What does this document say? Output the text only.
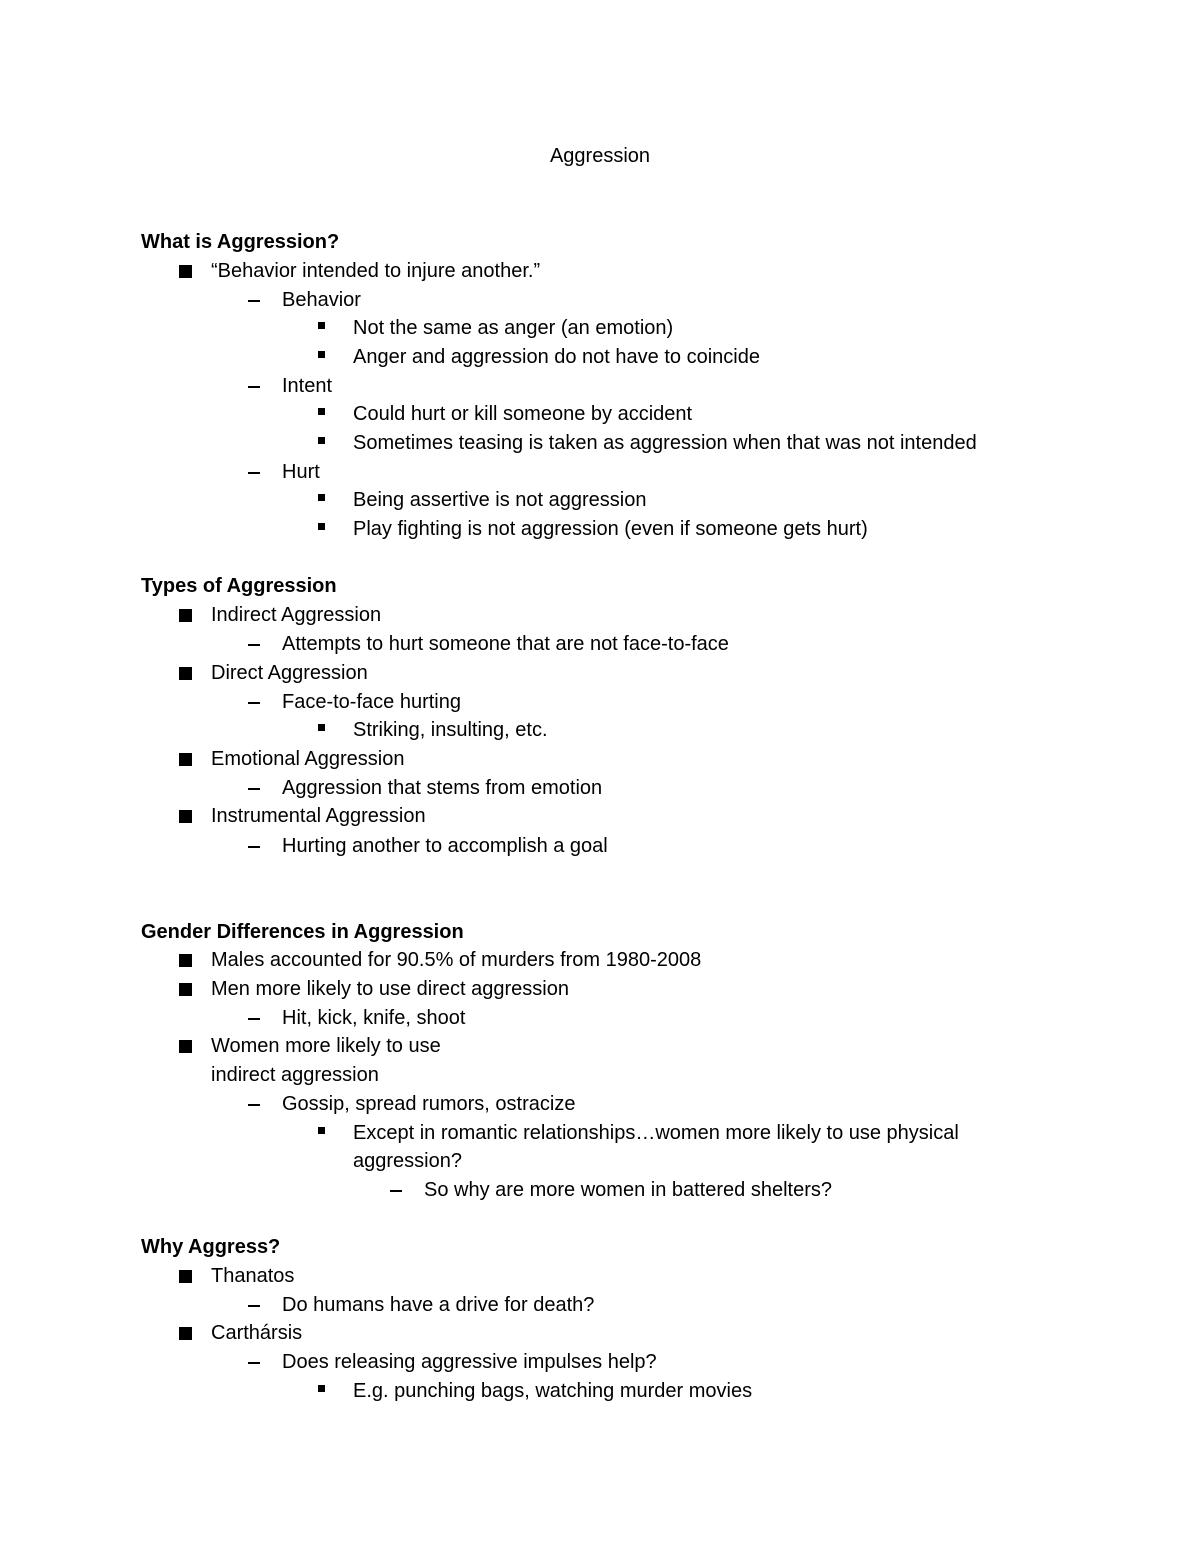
Aggression
What is Aggression?
“Behavior intended to injure another.”
Behavior
Not the same as anger (an emotion)
Anger and aggression do not have to coincide
Intent
Could hurt or kill someone by accident
Sometimes teasing is taken as aggression when that was not intended
Hurt
Being assertive is not aggression
Play fighting is not aggression (even if someone gets hurt)
Types of Aggression
Indirect Aggression
Attempts to hurt someone that are not face-to-face
Direct Aggression
Face-to-face hurting
Striking, insulting, etc.
Emotional Aggression
Aggression that stems from emotion
Instrumental Aggression
Hurting another to accomplish a goal
Gender Differences in Aggression
Males accounted for 90.5% of murders from 1980-2008
Men more likely to use direct aggression
Hit, kick, knife, shoot
Women more likely to use
indirect aggression
Gossip, spread rumors, ostracize
Except in romantic relationships…women more likely to use physical
aggression?
So why are more women in battered shelters?
Why Aggress?
Thanatos
Do humans have a drive for death?
Carthársis
Does releasing aggressive impulses help?
E.g. punching bags, watching murder movies
